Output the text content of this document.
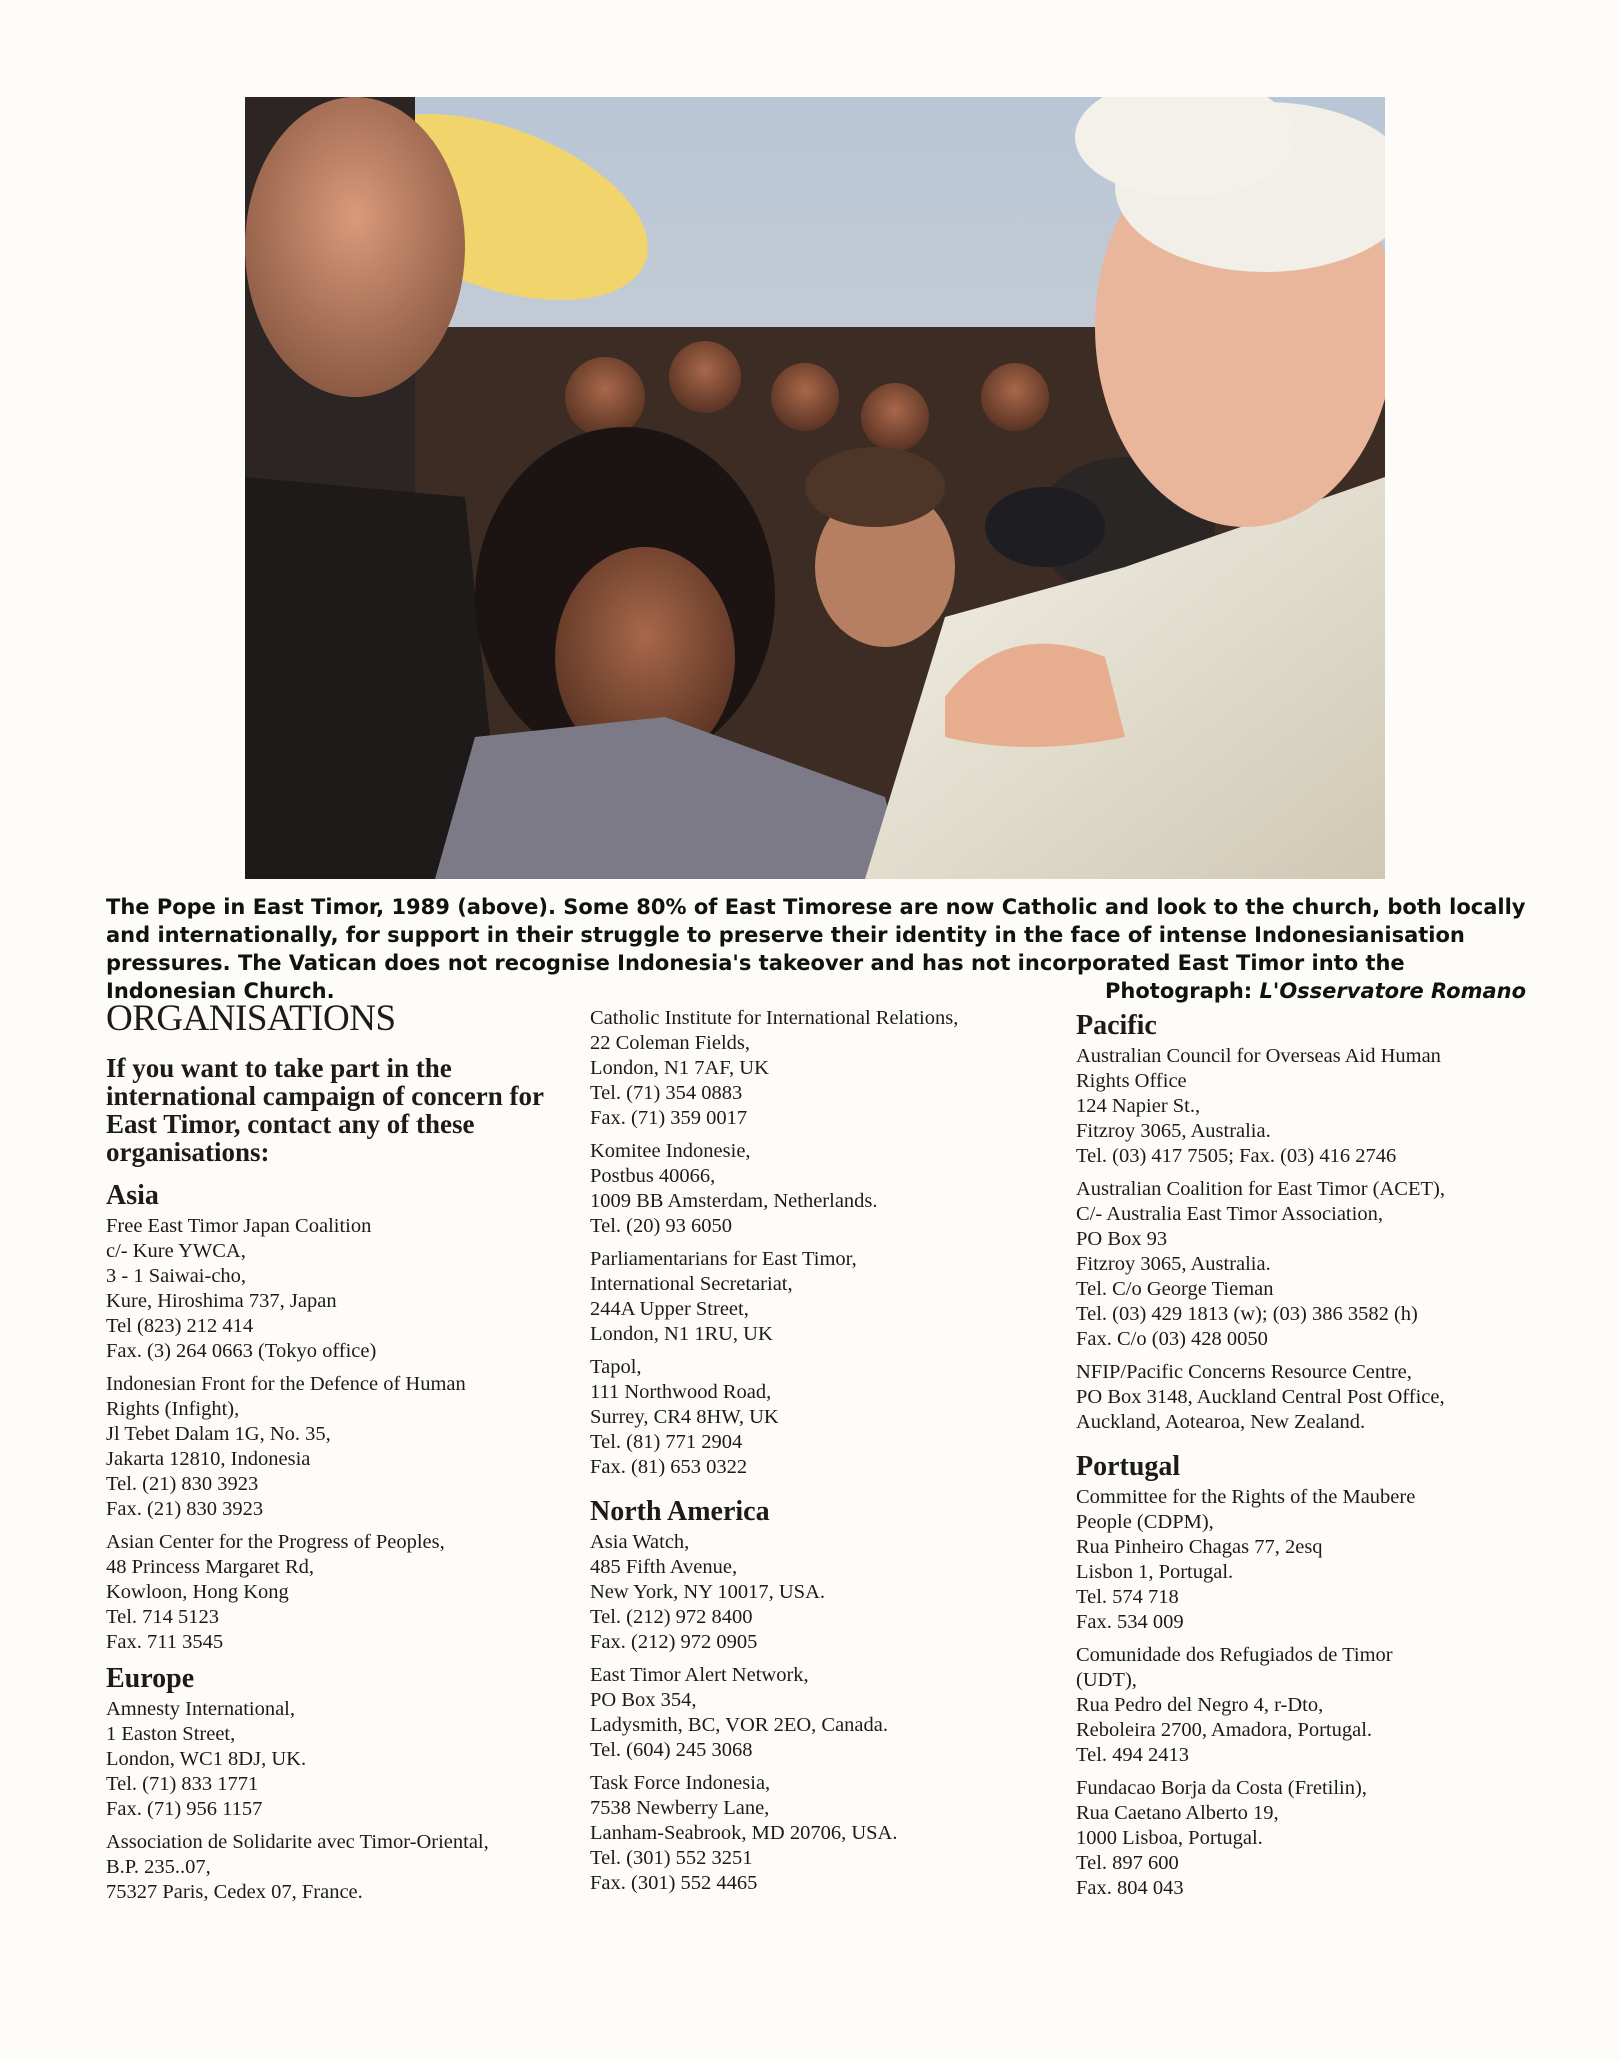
The Pope in East Timor, 1989 (above). Some 80% of East Timorese are now Catholic and look to the church, both locally and internationally, for support in their struggle to preserve their identity in the face of intense Indonesianisation pressures. The Vatican does not recognise Indonesia's takeover and has not incorporated East Timor into the Indonesian Church.	Photograph: L'Osservatore Romano
ORGANISATIONS
If you want to take part in the international campaign of concern for East Timor, contact any of these organisations:
Asia
Free East Timor Japan Coalition
c/- Kure YWCA,
3 - 1 Saiwai-cho,
Kure, Hiroshima 737, Japan
Tel (823) 212 414
Fax. (3) 264 0663 (Tokyo office)
Indonesian Front for the Defence of Human
Rights (Infight),
Jl Tebet Dalam 1G, No. 35,
Jakarta 12810, Indonesia
Tel. (21) 830 3923
Fax. (21) 830 3923
Asian Center for the Progress of Peoples,
48 Princess Margaret Rd,
Kowloon, Hong Kong
Tel. 714 5123
Fax. 711 3545
Europe
Amnesty International,
1 Easton Street,
London, WC1 8DJ, UK.
Tel. (71) 833 1771
Fax. (71) 956 1157
Association de Solidarite avec Timor-Oriental,
B.P. 235..07,
75327 Paris, Cedex 07, France.
Catholic Institute for International Relations,
22 Coleman Fields,
London, N1 7AF, UK
Tel. (71) 354 0883
Fax. (71) 359 0017
Komitee Indonesie,
Postbus 40066,
1009 BB Amsterdam, Netherlands.
Tel. (20) 93 6050
Parliamentarians for East Timor,
International Secretariat,
244A Upper Street,
London, N1 1RU, UK
Tapol,
111 Northwood Road,
Surrey, CR4 8HW, UK
Tel. (81) 771 2904
Fax. (81) 653 0322
North America
Asia Watch,
485 Fifth Avenue,
New York, NY 10017, USA.
Tel. (212) 972 8400
Fax. (212) 972 0905
East Timor Alert Network,
PO Box 354,
Ladysmith, BC, VOR 2EO, Canada.
Tel. (604) 245 3068
Task Force Indonesia,
7538 Newberry Lane,
Lanham-Seabrook, MD 20706, USA.
Tel. (301) 552 3251
Fax. (301) 552 4465
Pacific
Australian Council for Overseas Aid Human
Rights Office
124 Napier St.,
Fitzroy 3065, Australia.
Tel. (03) 417 7505; Fax. (03) 416 2746
Australian Coalition for East Timor (ACET),
C/- Australia East Timor Association,
PO Box 93
Fitzroy 3065, Australia.
Tel. C/o George Tieman
Tel. (03) 429 1813 (w); (03) 386 3582 (h)
Fax. C/o (03) 428 0050
NFIP/Pacific Concerns Resource Centre,
PO Box 3148, Auckland Central Post Office,
Auckland, Aotearoa, New Zealand.
Portugal
Committee for the Rights of the Maubere
People (CDPM),
Rua Pinheiro Chagas 77, 2esq
Lisbon 1, Portugal.
Tel. 574 718
Fax. 534 009
Comunidade dos Refugiados de Timor
(UDT),
Rua Pedro del Negro 4, r-Dto,
Reboleira 2700, Amadora, Portugal.
Tel. 494 2413
Fundacao Borja da Costa (Fretilin),
Rua Caetano Alberto 19,
1000 Lisboa, Portugal.
Tel. 897 600
Fax. 804 043
